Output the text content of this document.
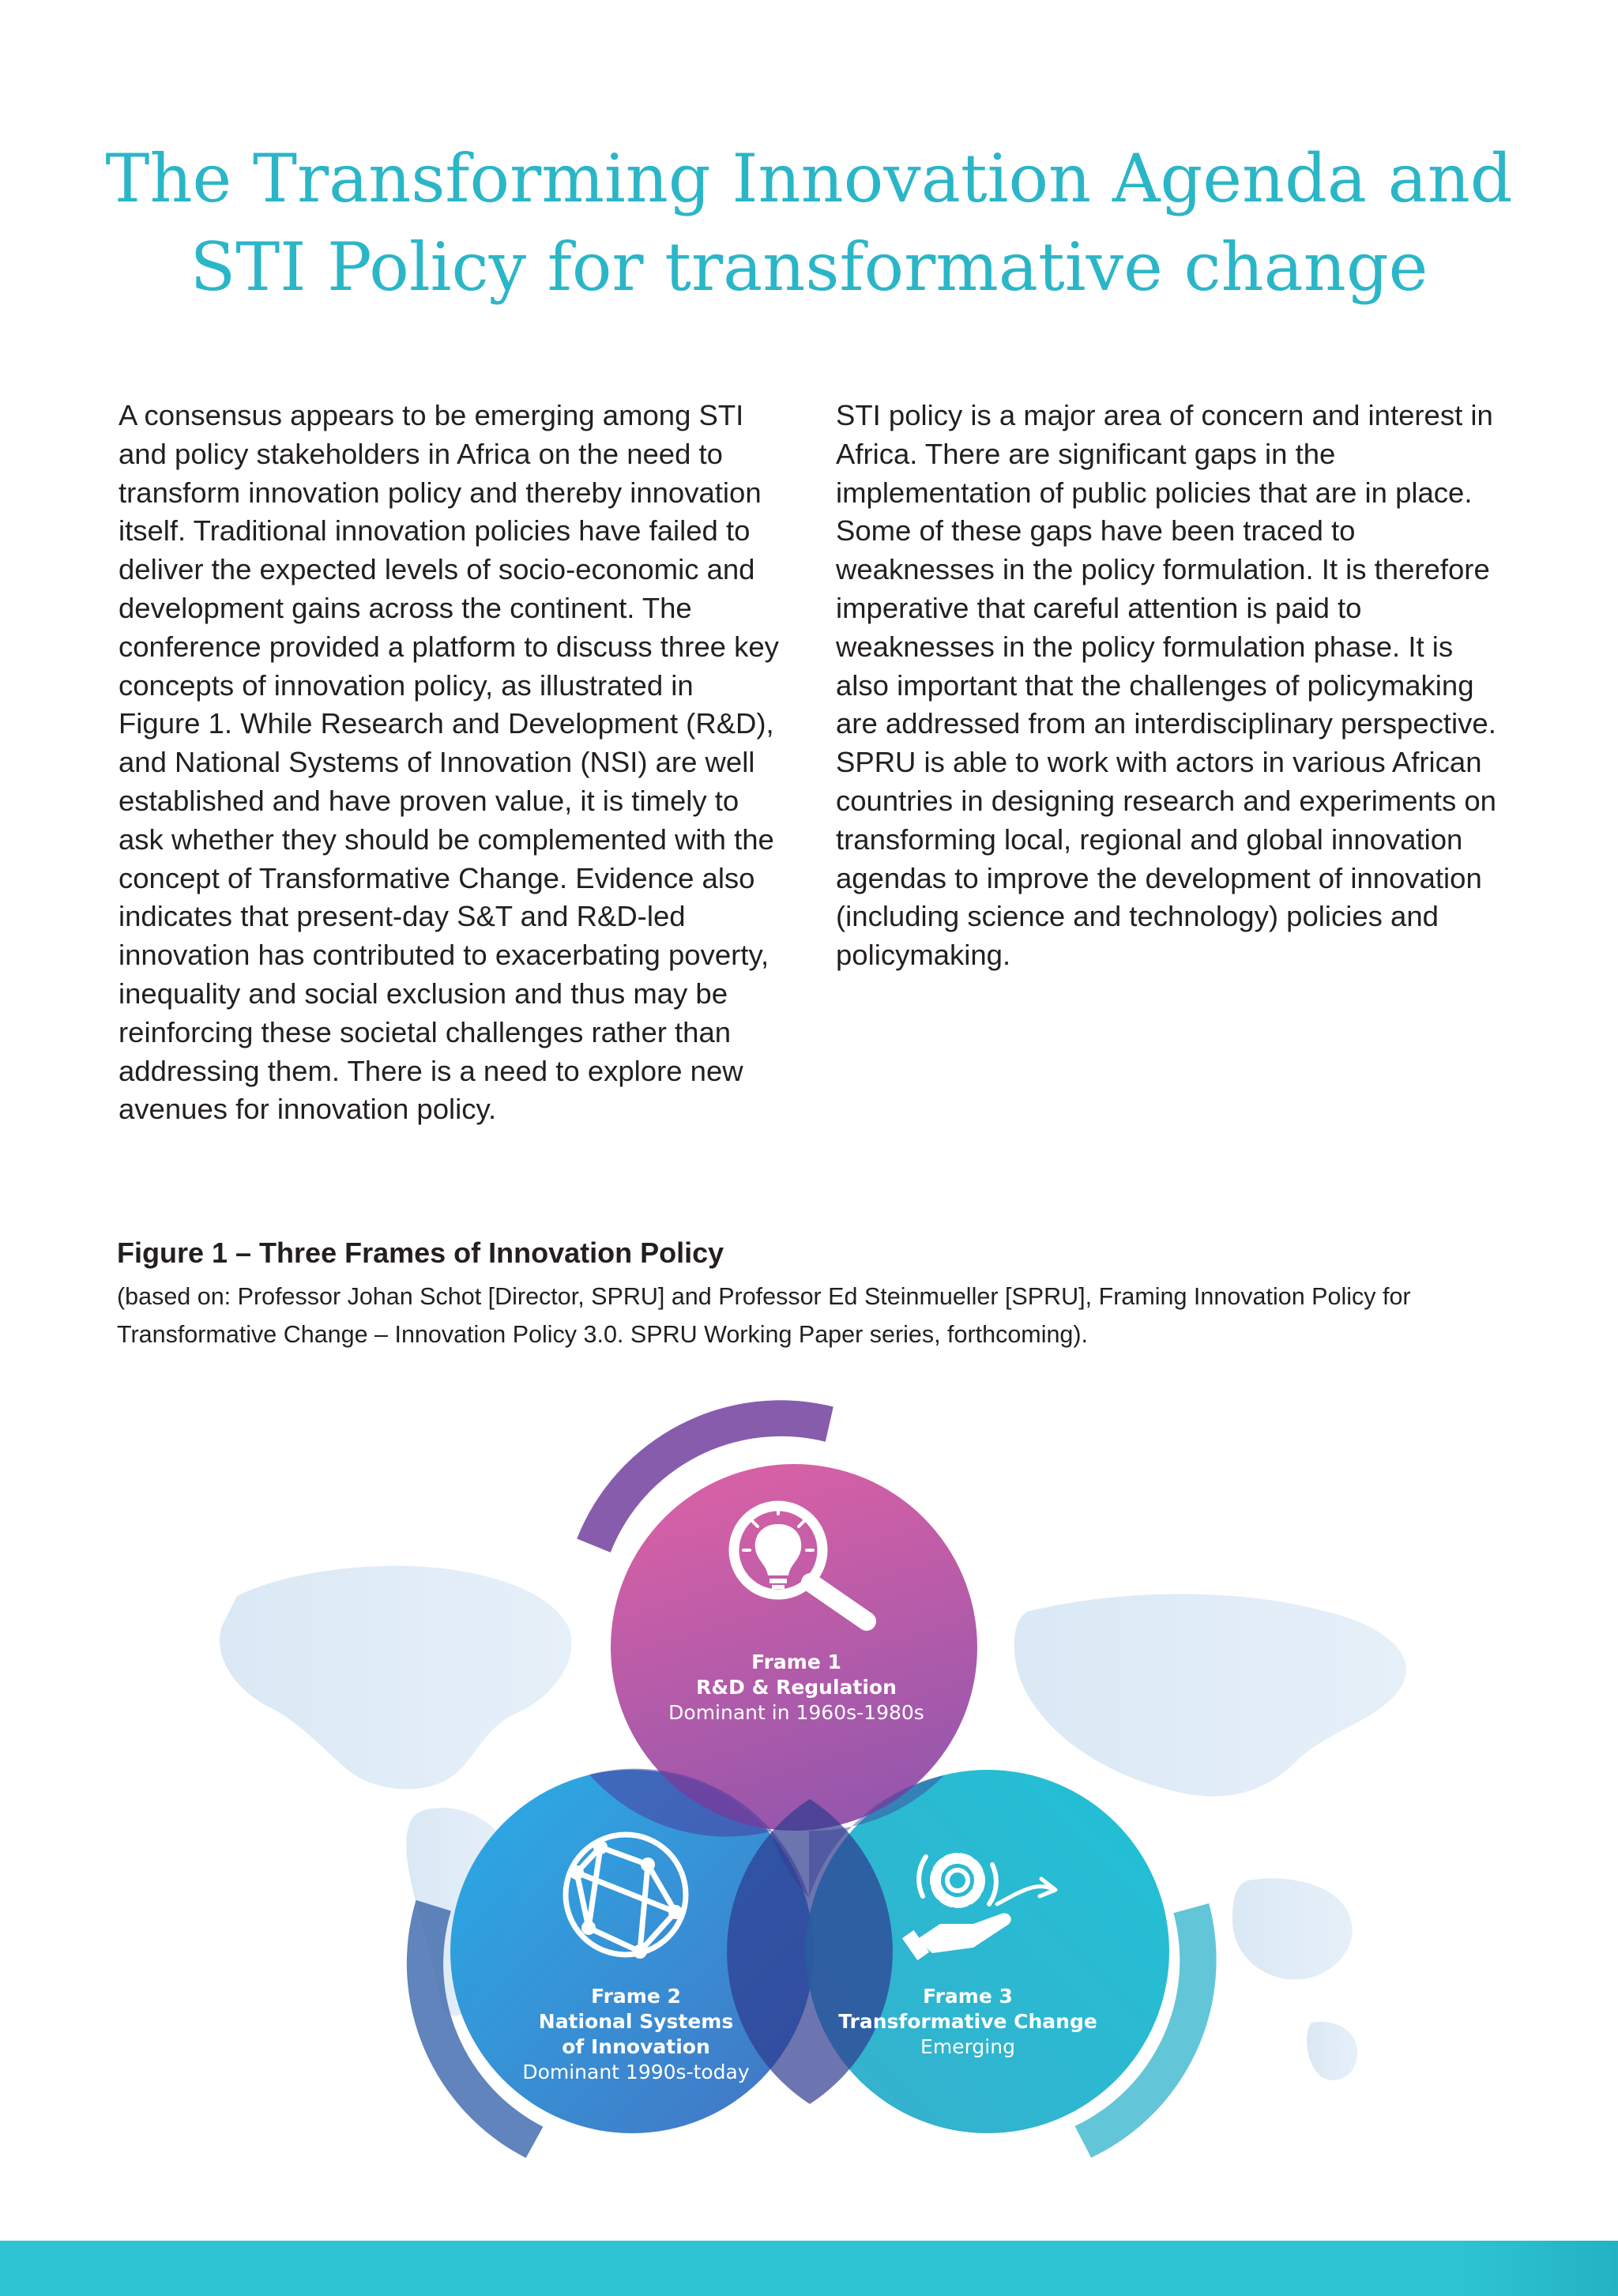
The Transforming Innovation Agenda and
STI Policy for transformative change

A consensus appears to be emerging among STI and policy stakeholders in Africa on the need to transform innovation policy and thereby innovation itself. Traditional innovation policies have failed to deliver the expected levels of socio-economic and development gains across the continent. The conference provided a platform to discuss three key concepts of innovation policy, as illustrated in Figure 1. While Research and Development (R&D), and National Systems of Innovation (NSI) are well established and have proven value, it is timely to ask whether they should be complemented with the concept of Transformative Change. Evidence also indicates that present-day S&T and R&D-led innovation has contributed to exacerbating poverty, inequality and social exclusion and thus may be reinforcing these societal challenges rather than addressing them. There is a need to explore new avenues for innovation policy.

STI policy is a major area of concern and interest in Africa. There are significant gaps in the implementation of public policies that are in place. Some of these gaps have been traced to weaknesses in the policy formulation. It is therefore imperative that careful attention is paid to weaknesses in the policy formulation phase. It is also important that the challenges of policymaking are addressed from an interdisciplinary perspective. SPRU is able to work with actors in various African countries in designing research and experiments on transforming local, regional and global innovation agendas to improve the development of innovation (including science and technology) policies and policymaking.

Figure 1 – Three Frames of Innovation Policy

(based on: Professor Johan Schot [Director, SPRU] and Professor Ed Steinmueller [SPRU], Framing Innovation Policy for Transformative Change – Innovation Policy 3.0. SPRU Working Paper series, forthcoming).

Frame 1
R&D & Regulation
Dominant in 1960s-1980s
Frame 2
National Systems
of Innovation
Dominant 1990s-today
Frame 3
Transformative Change
Emerging
